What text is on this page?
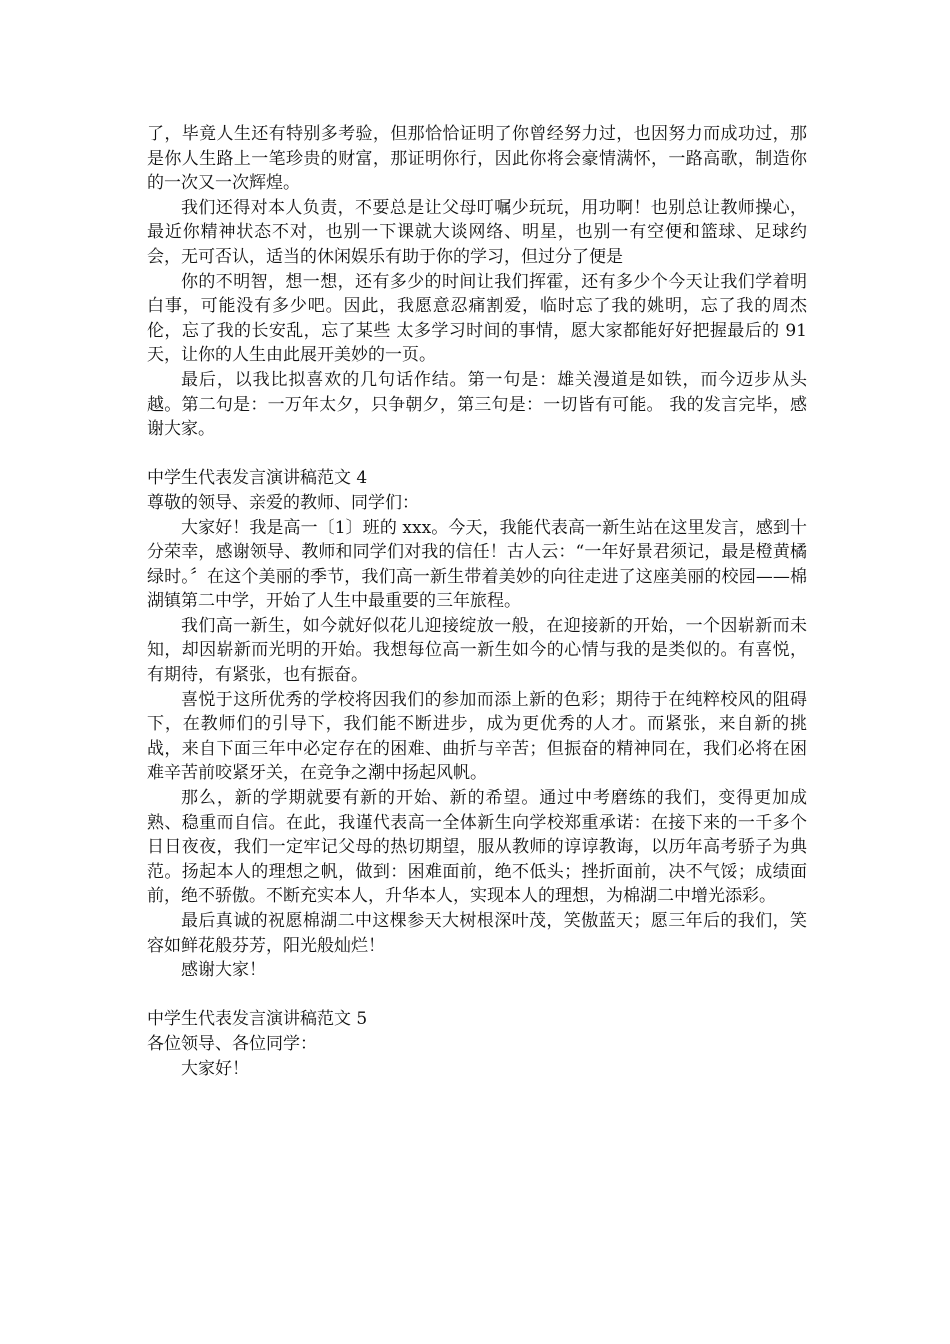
了，毕竟人生还有特别多考验，但那恰恰证明了你曾经努力过，也因努力而成功过，那是你人生路上一笔珍贵的财富，那证明你行，因此你将会豪情满怀，一路高歌，制造你的一次又一次辉煌。

我们还得对本人负责，不要总是让父母叮嘱少玩玩，用功啊！也别总让教师操心，最近你精神状态不对，也别一下课就大谈网络、明星，也别一有空便和篮球、足球约会，无可否认，适当的休闲娱乐有助于你的学习，但过分了便是

你的不明智，想一想，还有多少的时间让我们挥霍，还有多少个今天让我们学着明白事，可能没有多少吧。因此，我愿意忍痛割爱，临时忘了我的姚明，忘了我的周杰伦，忘了我的长安乱，忘了某些 太多学习时间的事情，愿大家都能好好把握最后的 91 天，让你的人生由此展开美妙的一页。

最后，以我比拟喜欢的几句话作结。第一句是：雄关漫道是如铁，而今迈步从头越。第二句是：一万年太夕，只争朝夕，第三句是：一切皆有可能。 我的发言完毕，感谢大家。

中学生代表发言演讲稿范文 4

尊敬的领导、亲爱的教师、同学们：

大家好！我是高一〔1〕班的 xxx。今天，我能代表高一新生站在这里发言，感到十分荣幸，感谢领导、教师和同学们对我的信任！古人云：“一年好景君须记，最是橙黄橘绿时。〞在这个美丽的季节，我们高一新生带着美妙的向往走进了这座美丽的校园——棉湖镇第二中学，开始了人生中最重要的三年旅程。

我们高一新生，如今就好似花儿迎接绽放一般，在迎接新的开始，一个因崭新而未知，却因崭新而光明的开始。我想每位高一新生如今的心情与我的是类似的。有喜悦，有期待，有紧张，也有振奋。

喜悦于这所优秀的学校将因我们的参加而添上新的色彩；期待于在纯粹校风的阻碍下，在教师们的引导下，我们能不断进步，成为更优秀的人才。而紧张，来自新的挑战，来自下面三年中必定存在的困难、曲折与辛苦；但振奋的精神同在，我们必将在困难辛苦前咬紧牙关，在竞争之潮中扬起风帆。

那么，新的学期就要有新的开始、新的希望。通过中考磨练的我们，变得更加成熟、稳重而自信。在此，我谨代表高一全体新生向学校郑重承诺：在接下来的一千多个日日夜夜，我们一定牢记父母的热切期望，服从教师的谆谆教诲，以历年高考骄子为典范。扬起本人的理想之帆，做到：困难面前，绝不低头；挫折面前，决不气馁；成绩面前，绝不骄傲。不断充实本人，升华本人，实现本人的理想，为棉湖二中增光添彩。

最后真诚的祝愿棉湖二中这棵参天大树根深叶茂，笑傲蓝天；愿三年后的我们，笑容如鲜花般芬芳，阳光般灿烂！

感谢大家！

中学生代表发言演讲稿范文 5

各位领导、各位同学：

大家好！
